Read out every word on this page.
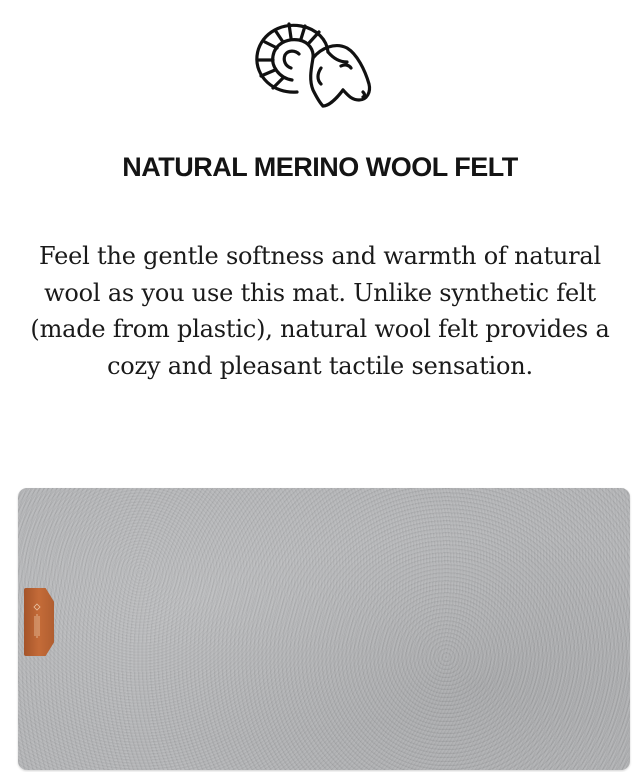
NATURAL MERINO WOOL FELT
Feel the gentle softness and warmth of natural
wool as you use this mat. Unlike synthetic felt
(made from plastic), natural wool felt provides a
cozy and pleasant tactile sensation.
